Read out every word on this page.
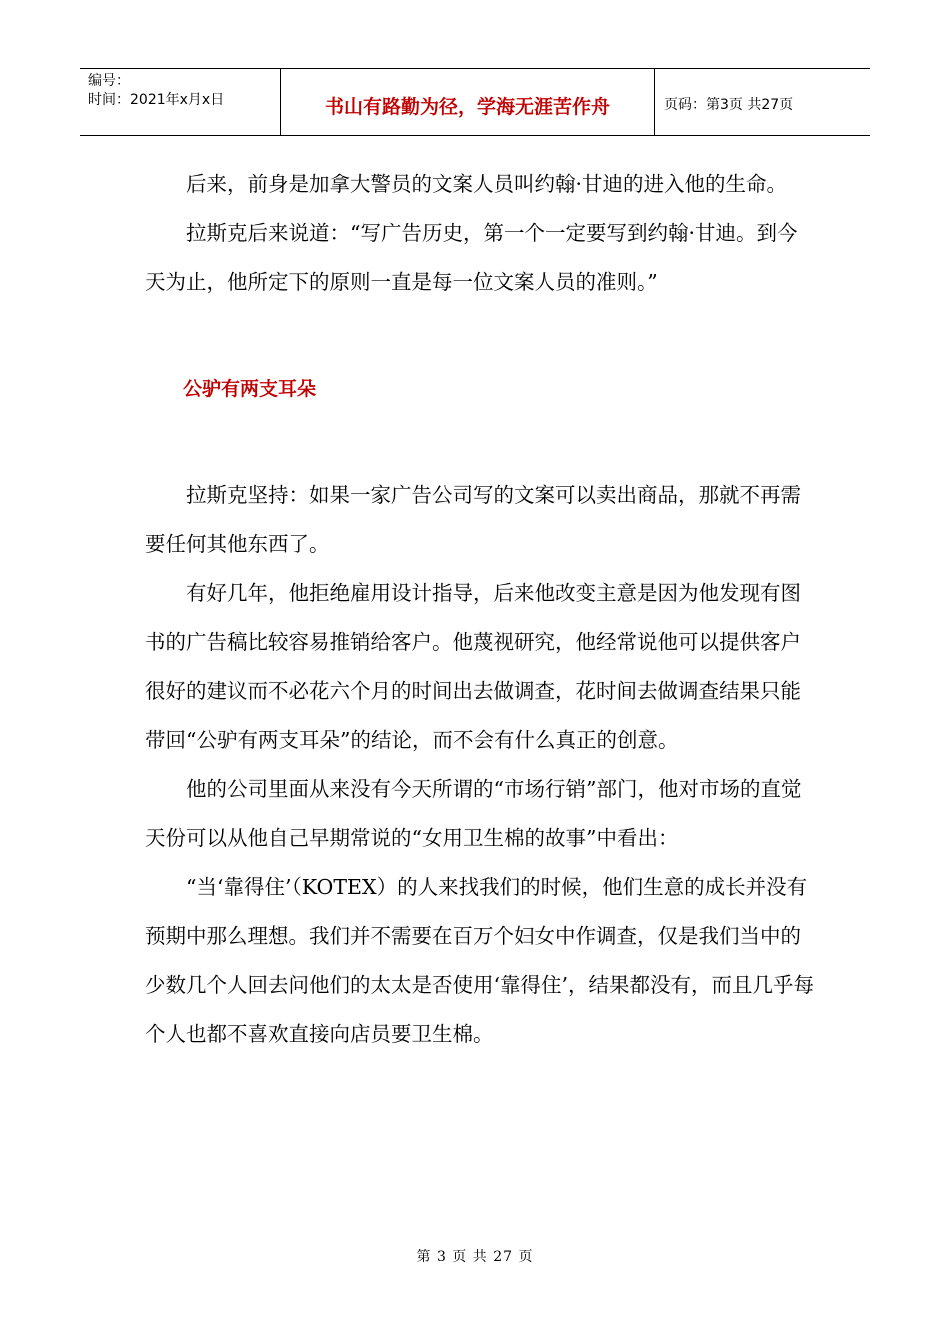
编号：
时间：2021年x月x日	书山有路勤为径，学海无涯苦作舟	页码：第3页 共27页

后来，前身是加拿大警员的文案人员叫约翰·甘迪的进入他的生命。

拉斯克后来说道：“写广告历史，第一个一定要写到约翰·甘迪。到今天为止，他所定下的原则一直是每一位文案人员的准则。”

公驴有两支耳朵

拉斯克坚持：如果一家广告公司写的文案可以卖出商品，那就不再需要任何其他东西了。

有好几年，他拒绝雇用设计指导，后来他改变主意是因为他发现有图书的广告稿比较容易推销给客户。他蔑视研究，他经常说他可以提供客户很好的建议而不必花六个月的时间出去做调查，花时间去做调查结果只能带回“公驴有两支耳朵”的结论，而不会有什么真正的创意。

他的公司里面从来没有今天所谓的“市场行销”部门，他对市场的直觉天份可以从他自己早期常说的“女用卫生棉的故事”中看出：

“当‘靠得住’（KOTEX）的人来找我们的时候，他们生意的成长并没有预期中那么理想。我们并不需要在百万个妇女中作调查，仅是我们当中的少数几个人回去问他们的太太是否使用‘靠得住’，结果都没有，而且几乎每个人也都不喜欢直接向店员要卫生棉。

第 3 页 共 27 页
